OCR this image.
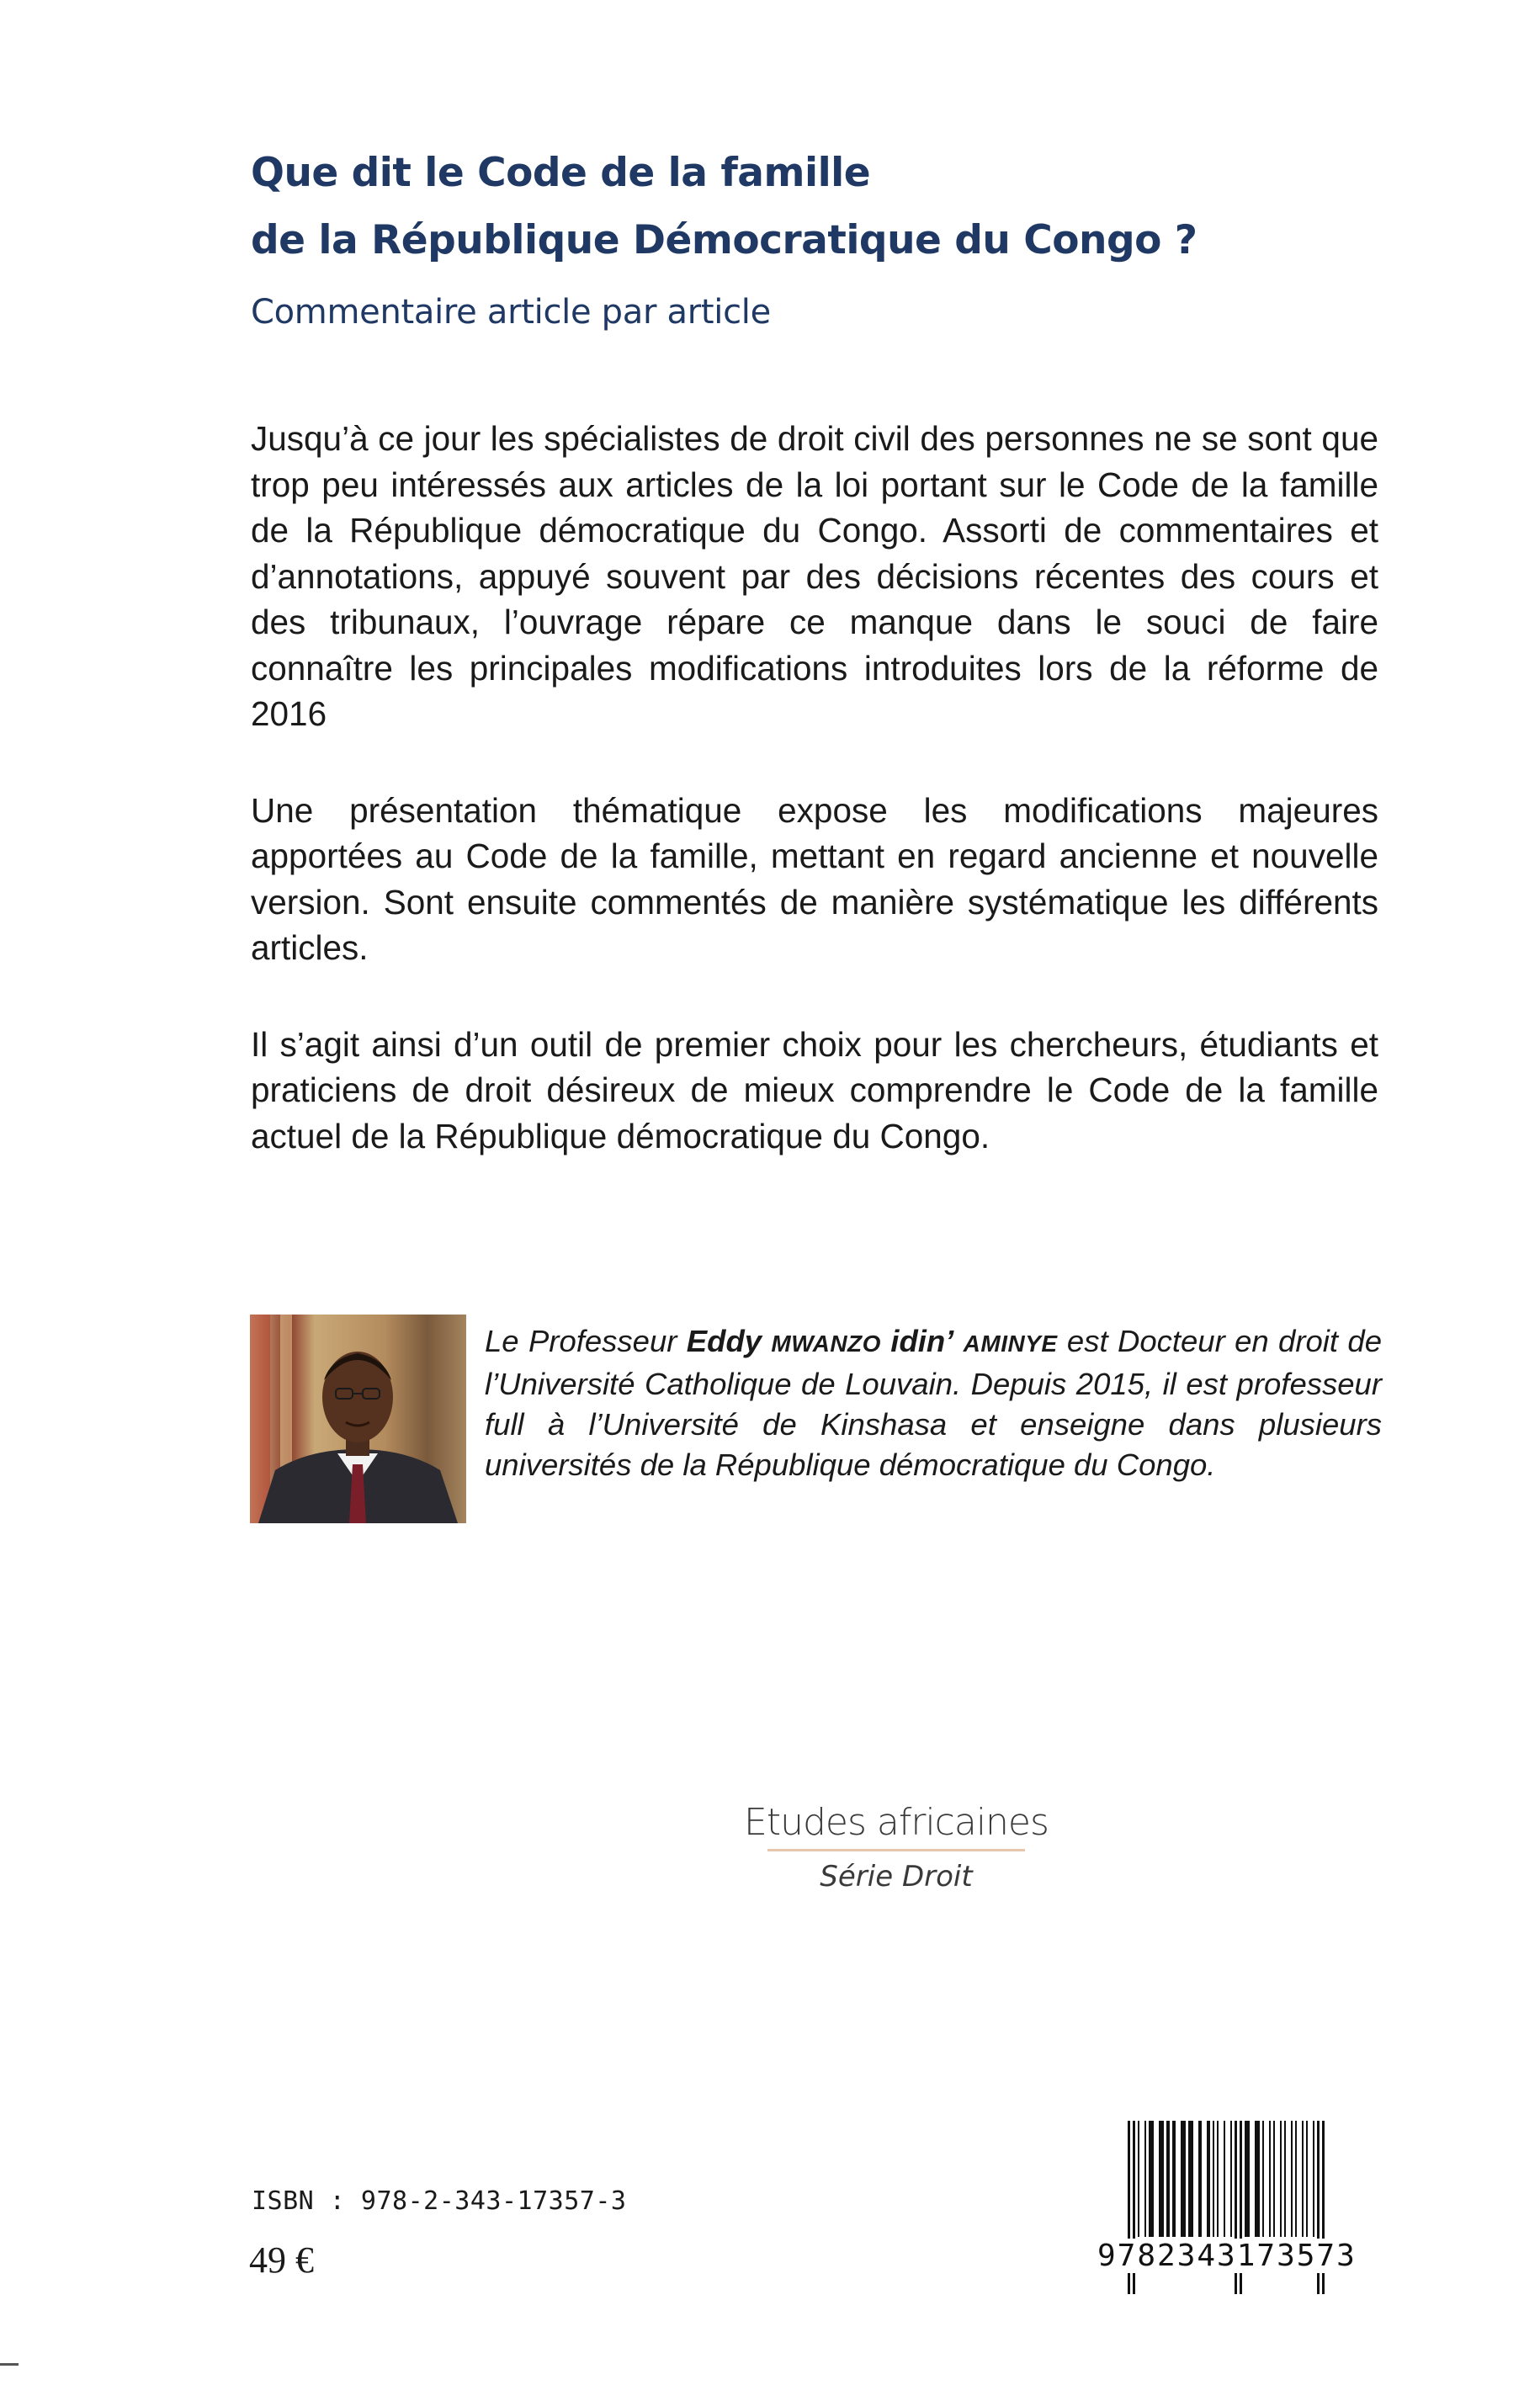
Que dit le Code de la famille
de la République Démocratique du Congo ?
Commentaire article par article

Jusqu’à ce jour les spécialistes de droit civil des personnes ne se sont que trop peu intéressés aux articles de la loi portant sur le Code de la famille de la République démocratique du Congo. Assorti de commentaires et d’annotations, appuyé souvent par des décisions récentes des cours et des tribunaux, l’ouvrage répare ce manque dans le souci de faire connaître les principales modifications introduites lors de la réforme de 2016

Une présentation thématique expose les modifications majeures apportées au Code de la famille, mettant en regard ancienne et nouvelle version. Sont ensuite commentés de manière systématique les différents articles.

Il s’agit ainsi d’un outil de premier choix pour les chercheurs, étudiants et praticiens de droit désireux de mieux comprendre le Code de la famille actuel de la République démocratique du Congo.

Le Professeur Eddy MWANZO idin’ AMINYE est Docteur en droit de l’Université Catholique de Louvain. Depuis 2015, il est professeur full à l’Université de Kinshasa et enseigne dans plusieurs universités de la République démocratique du Congo.
Etudes africaines
Série Droit
ISBN : 978-2-343-17357-3
49 €	9782343173573
